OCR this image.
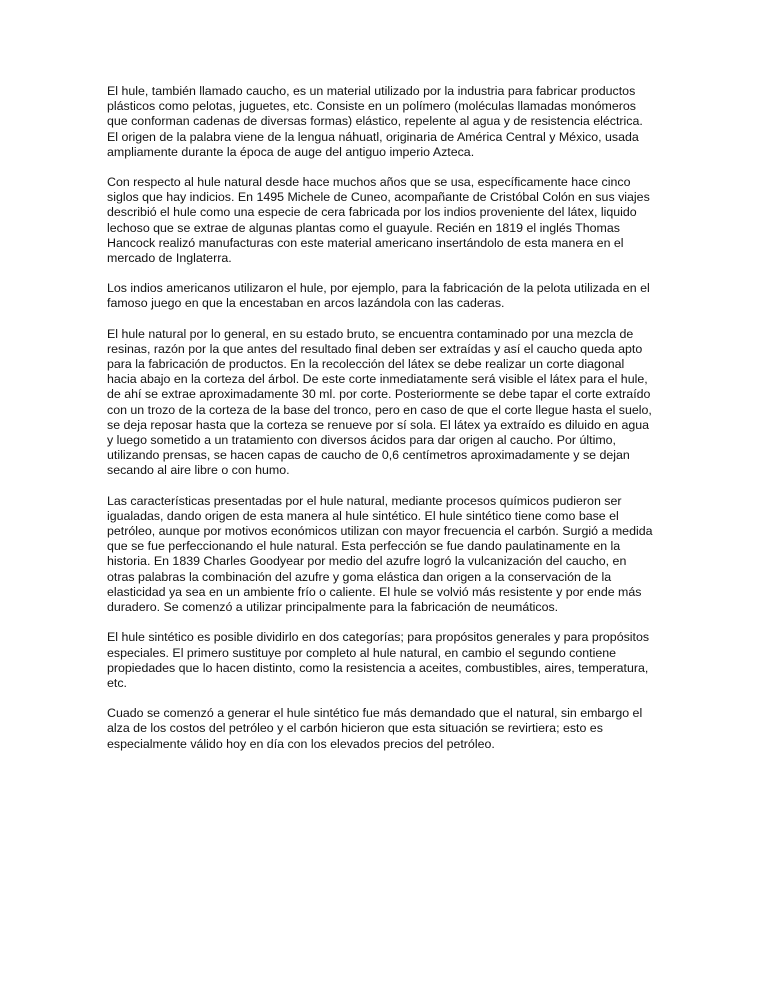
El hule, también llamado caucho, es un material utilizado por la industria para fabricar productos
plásticos como pelotas, juguetes, etc. Consiste en un polímero (moléculas llamadas monómeros
que conforman cadenas de diversas formas) elástico, repelente al agua y de resistencia eléctrica.
El origen de la palabra viene de la lengua náhuatl, originaria de América Central y México, usada
ampliamente durante la época de auge del antiguo imperio Azteca.

Con respecto al hule natural desde hace muchos años que se usa, específicamente hace cinco
siglos que hay indicios. En 1495 Michele de Cuneo, acompañante de Cristóbal Colón en sus viajes
describió el hule como una especie de cera fabricada por los indios proveniente del látex, liquido
lechoso que se extrae de algunas plantas como el guayule. Recién en 1819 el inglés Thomas
Hancock realizó manufacturas con este material americano insertándolo de esta manera en el
mercado de Inglaterra.

Los indios americanos utilizaron el hule, por ejemplo, para la fabricación de la pelota utilizada en el
famoso juego en que la encestaban en arcos lazándola con las caderas.

El hule natural por lo general, en su estado bruto, se encuentra contaminado por una mezcla de
resinas, razón por la que antes del resultado final deben ser extraídas y así el caucho queda apto
para la fabricación de productos. En la recolección del látex se debe realizar un corte diagonal
hacia abajo en la corteza del árbol. De este corte inmediatamente será visible el látex para el hule,
de ahí se extrae aproximadamente 30 ml. por corte. Posteriormente se debe tapar el corte extraído
con un trozo de la corteza de la base del tronco, pero en caso de que el corte llegue hasta el suelo,
se deja reposar hasta que la corteza se renueve por sí sola. El látex ya extraído es diluido en agua
y luego sometido a un tratamiento con diversos ácidos para dar origen al caucho. Por último,
utilizando prensas, se hacen capas de caucho de 0,6 centímetros aproximadamente y se dejan
secando al aire libre o con humo.

Las características presentadas por el hule natural, mediante procesos químicos pudieron ser
igualadas, dando origen de esta manera al hule sintético. El hule sintético tiene como base el
petróleo, aunque por motivos económicos utilizan con mayor frecuencia el carbón. Surgió a medida
que se fue perfeccionando el hule natural. Esta perfección se fue dando paulatinamente en la
historia. En 1839 Charles Goodyear por medio del azufre logró la vulcanización del caucho, en
otras palabras la combinación del azufre y goma elástica dan origen a la conservación de la
elasticidad ya sea en un ambiente frío o caliente. El hule se volvió más resistente y por ende más
duradero. Se comenzó a utilizar principalmente para la fabricación de neumáticos.

El hule sintético es posible dividirlo en dos categorías; para propósitos generales y para propósitos
especiales. El primero sustituye por completo al hule natural, en cambio el segundo contiene
propiedades que lo hacen distinto, como la resistencia a aceites, combustibles, aires, temperatura,
etc.

Cuado se comenzó a generar el hule sintético fue más demandado que el natural, sin embargo el
alza de los costos del petróleo y el carbón hicieron que esta situación se revirtiera; esto es
especialmente válido hoy en día con los elevados precios del petróleo.
